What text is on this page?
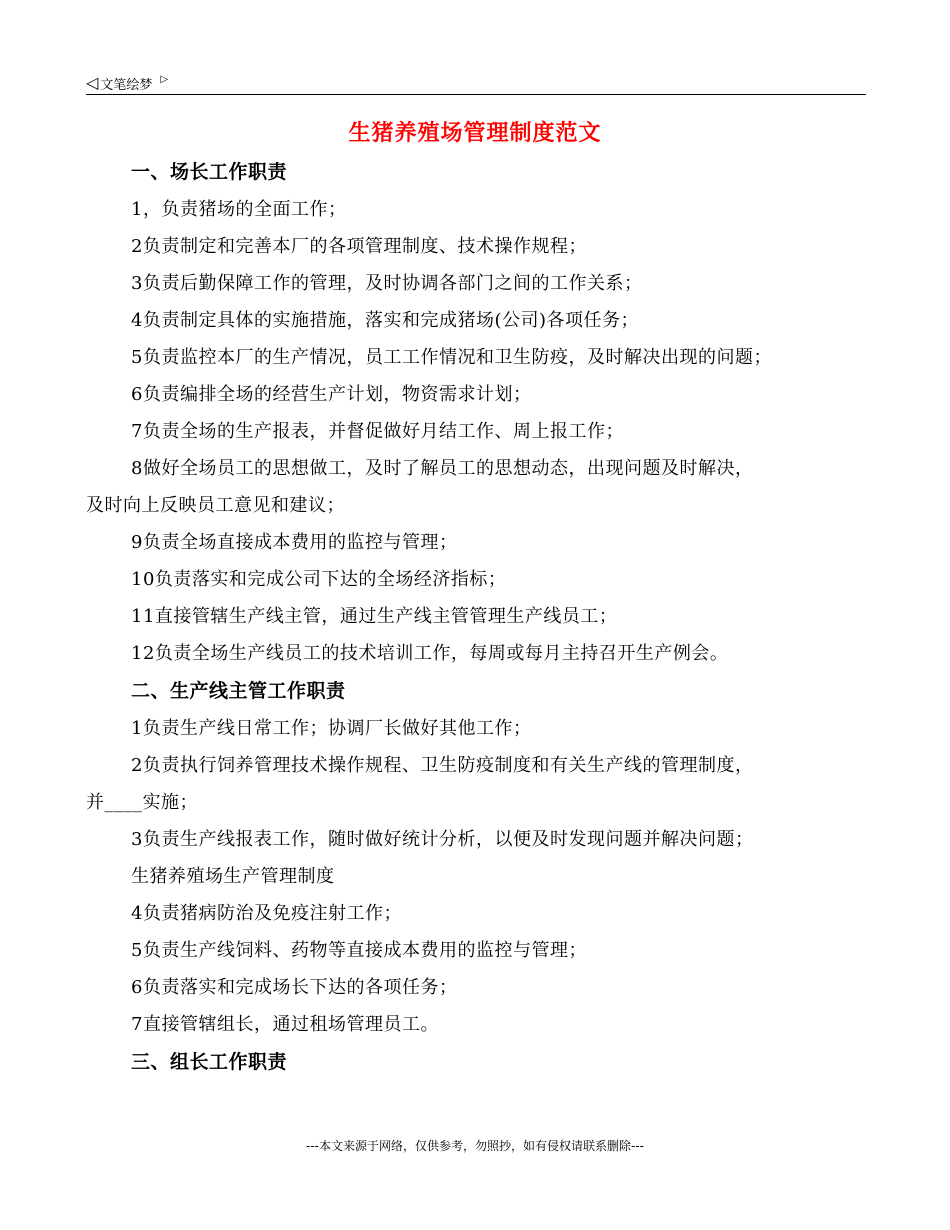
◁ 文笔绘梦 ▷
生猪养殖场管理制度范文
一、场长工作职责
1，负责猪场的全面工作；
2负责制定和完善本厂的各项管理制度、技术操作规程；
3负责后勤保障工作的管理，及时协调各部门之间的工作关系；
4负责制定具体的实施措施，落实和完成猪场(公司)各项任务；
5负责监控本厂的生产情况，员工工作情况和卫生防疫，及时解决出现的问题；
6负责编排全场的经营生产计划，物资需求计划；
7负责全场的生产报表，并督促做好月结工作、周上报工作；
8做好全场员工的思想做工，及时了解员工的思想动态，出现问题及时解决，
及时向上反映员工意见和建议；
9负责全场直接成本费用的监控与管理；
10负责落实和完成公司下达的全场经济指标；
11直接管辖生产线主管，通过生产线主管管理生产线员工；
12负责全场生产线员工的技术培训工作，每周或每月主持召开生产例会。
二、生产线主管工作职责
1负责生产线日常工作；协调厂长做好其他工作；
2负责执行饲养管理技术操作规程、卫生防疫制度和有关生产线的管理制度，
并____实施；
3负责生产线报表工作，随时做好统计分析，以便及时发现问题并解决问题；
生猪养殖场生产管理制度
4负责猪病防治及免疫注射工作；
5负责生产线饲料、药物等直接成本费用的监控与管理；
6负责落实和完成场长下达的各项任务；
7直接管辖组长，通过租场管理员工。
三、组长工作职责
---本文来源于网络，仅供参考，勿照抄，如有侵权请联系删除---
